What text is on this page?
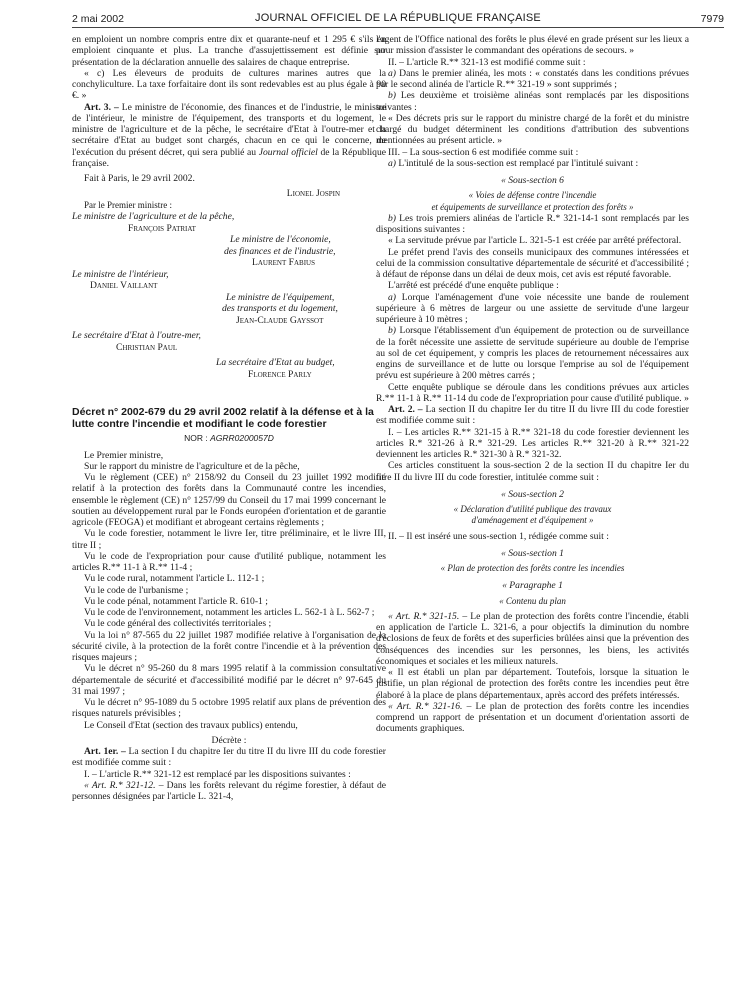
2 mai 2002	JOURNAL OFFICIEL DE LA RÉPUBLIQUE FRANÇAISE	7979

en emploient un nombre compris entre dix et quarante-neuf et 1 295 € s'ils en emploient cinquante et plus. La tranche d'assujettissement est définie sur présentation de la déclaration annuelle des salaires de chaque entreprise.

« c) Les éleveurs de produits de cultures marines autres que la conchyliculture. La taxe forfaitaire dont ils sont redevables est au plus égale à 90 €. »

Art. 3. – Le ministre de l'économie, des finances et de l'industrie, le ministre de l'intérieur, le ministre de l'équipement, des transports et du logement, le ministre de l'agriculture et de la pêche, le secrétaire d'Etat à l'outre-mer et la secrétaire d'Etat au budget sont chargés, chacun en ce qui le concerne, de l'exécution du présent décret, qui sera publié au Journal officiel de la République française.

Fait à Paris, le 29 avril 2002.

Lionel Jospin

Par le Premier ministre :

Le ministre de l'agriculture et de la pêche,

François Patriat

Le ministre de l'économie,

des finances et de l'industrie,

Laurent Fabius

Le ministre de l'intérieur,

Daniel Vaillant

Le ministre de l'équipement,

des transports et du logement,

Jean-Claude Gayssot

Le secrétaire d'Etat à l'outre-mer,

Christian Paul

La secrétaire d'Etat au budget,

Florence Parly

Décret n° 2002-679 du 29 avril 2002 relatif à la défense et à la lutte contre l'incendie et modifiant le code forestier

NOR : AGRR0200057D

Le Premier ministre,

Sur le rapport du ministre de l'agriculture et de la pêche,

Vu le règlement (CEE) n° 2158/92 du Conseil du 23 juillet 1992 modifié relatif à la protection des forêts dans la Communauté contre les incendies, ensemble le règlement (CE) n° 1257/99 du Conseil du 17 mai 1999 concernant le soutien au développement rural par le Fonds européen d'orientation et de garantie agricole (FEOGA) et modifiant et abrogeant certains règlements ;

Vu le code forestier, notamment le livre Ier, titre préliminaire, et le livre III, titre II ;

Vu le code de l'expropriation pour cause d'utilité publique, notamment les articles R.** 11-1 à R.** 11-4 ;

Vu le code rural, notamment l'article L. 112-1 ;

Vu le code de l'urbanisme ;

Vu le code pénal, notamment l'article R. 610-1 ;

Vu le code de l'environnement, notamment les articles L. 562-1 à L. 562-7 ;

Vu le code général des collectivités territoriales ;

Vu la loi n° 87-565 du 22 juillet 1987 modifiée relative à l'organisation de la sécurité civile, à la protection de la forêt contre l'incendie et à la prévention des risques majeurs ;

Vu le décret n° 95-260 du 8 mars 1995 relatif à la commission consultative départementale de sécurité et d'accessibilité modifié par le décret n° 97-645 du 31 mai 1997 ;

Vu le décret n° 95-1089 du 5 octobre 1995 relatif aux plans de prévention des risques naturels prévisibles ;

Le Conseil d'Etat (section des travaux publics) entendu,

Décrète :

Art. 1er. – La section I du chapitre Ier du titre II du livre III du code forestier est modifiée comme suit :

I. – L'article R.** 321-12 est remplacé par les dispositions suivantes :

« Art. R.* 321-12. – Dans les forêts relevant du régime forestier, à défaut de personnes désignées par l'article L. 321-4,

l'agent de l'Office national des forêts le plus élevé en grade présent sur les lieux a pour mission d'assister le commandant des opérations de secours. »

II. – L'article R.** 321-13 est modifié comme suit :

a) Dans le premier alinéa, les mots : « constatés dans les conditions prévues par le second alinéa de l'article R.** 321-19 » sont supprimés ;

b) Les deuxième et troisième alinéas sont remplacés par les dispositions suivantes :

« Des décrets pris sur le rapport du ministre chargé de la forêt et du ministre chargé du budget déterminent les conditions d'attribution des subventions mentionnées au présent article. »

III. – La sous-section 6 est modifiée comme suit :

a) L'intitulé de la sous-section est remplacé par l'intitulé suivant :

« Sous-section 6

« Voies de défense contre l'incendie

et équipements de surveillance et protection des forêts »

b) Les trois premiers alinéas de l'article R.* 321-14-1 sont remplacés par les dispositions suivantes :

« La servitude prévue par l'article L. 321-5-1 est créée par arrêté préfectoral.

Le préfet prend l'avis des conseils municipaux des communes intéressées et celui de la commission consultative départementale de sécurité et d'accessibilité ; à défaut de réponse dans un délai de deux mois, cet avis est réputé favorable.

L'arrêté est précédé d'une enquête publique :

a) Lorque l'aménagement d'une voie nécessite une bande de roulement supérieure à 6 mètres de largeur ou une assiette de servitude d'une largeur supérieure à 10 mètres ;

b) Lorsque l'établissement d'un équipement de protection ou de surveillance de la forêt nécessite une assiette de servitude supérieure au double de l'emprise au sol de cet équipement, y compris les places de retournement nécessaires aux engins de surveillance et de lutte ou lorsque l'emprise au sol de l'équipement prévu est supérieure à 200 mètres carrés ;

Cette enquête publique se déroule dans les conditions prévues aux articles R.** 11-1 à R.** 11-14 du code de l'expropriation pour cause d'utilité publique. »

Art. 2. – La section II du chapitre Ier du titre II du livre III du code forestier est modifiée comme suit :

I. – Les articles R.** 321-15 à R.** 321-18 du code forestier deviennent les articles R.* 321-26 à R.* 321-29. Les articles R.** 321-20 à R.** 321-22 deviennent les articles R.* 321-30 à R.* 321-32.

Ces articles constituent la sous-section 2 de la section II du chapitre Ier du titre II du livre III du code forestier, intitulée comme suit :

« Sous-section 2

« Déclaration d'utilité publique des travaux

d'aménagement et d'équipement »

II. – Il est inséré une sous-section 1, rédigée comme suit :

« Sous-section 1

« Plan de protection des forêts contre les incendies

« Paragraphe 1

« Contenu du plan

« Art. R.* 321-15. – Le plan de protection des forêts contre l'incendie, établi en application de l'article L. 321-6, a pour objectifs la diminution du nombre d'éclosions de feux de forêts et des superficies brûlées ainsi que la prévention des conséquences des incendies sur les personnes, les biens, les activités économiques et sociales et les milieux naturels.

« Il est établi un plan par département. Toutefois, lorsque la situation le justifie, un plan régional de protection des forêts contre les incendies peut être élaboré à la place de plans départementaux, après accord des préfets intéressés.

« Art. R.* 321-16. – Le plan de protection des forêts contre les incendies comprend un rapport de présentation et un document d'orientation assorti de documents graphiques.
